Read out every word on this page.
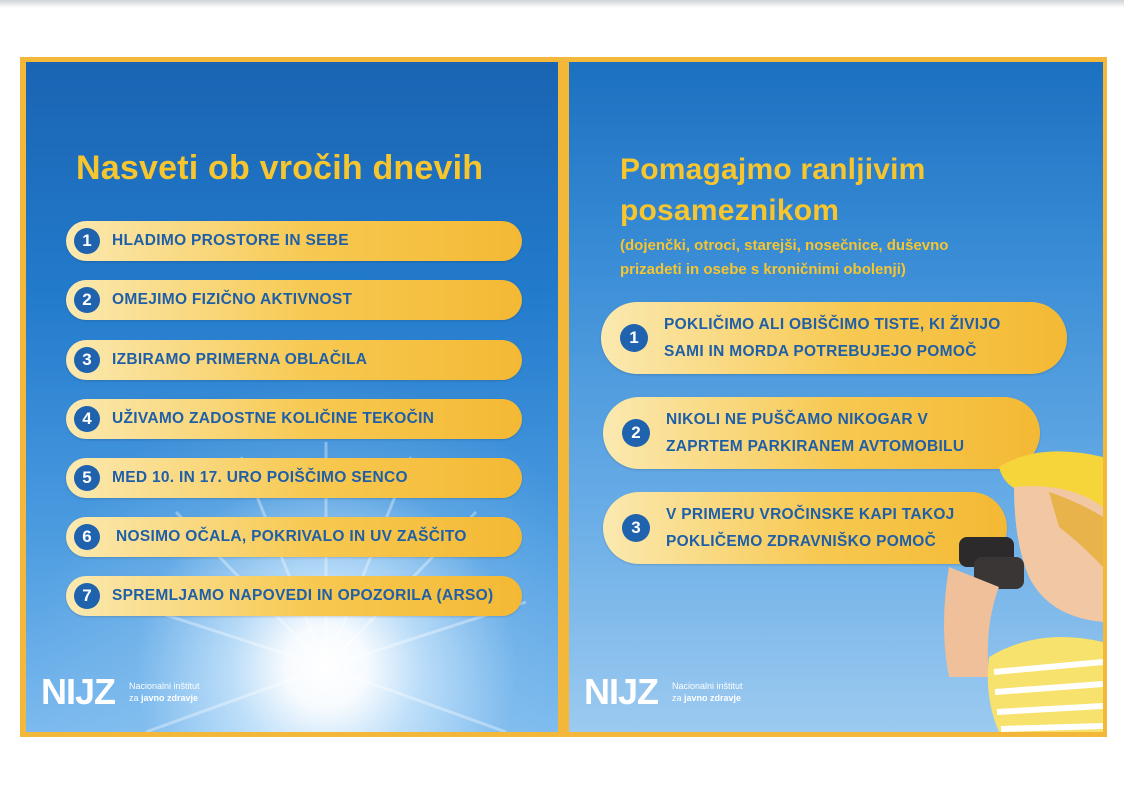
Nasveti ob vročih dnevih
1	HLADIMO PROSTORE IN SEBE
2	OMEJIMO FIZIČNO AKTIVNOST
3	IZBIRAMO PRIMERNA OBLAČILA
4	UŽIVAMO ZADOSTNE KOLIČINE TEKOČIN
5	MED 10. IN 17. URO POIŠČIMO SENCO
6	NOSIMO OČALA, POKRIVALO IN UV ZAŠČITO
7	SPREMLJAMO NAPOVEDI IN OPOZORILA (ARSO)
NIJZ Nacionalni inštitut
za javno zdravje
Pomagajmo ranljivim
posameznikom

(dojenčki, otroci, starejši, nosečnice, duševno
prizadeti in osebe s kroničnimi obolenji)

1
POKLIČIMO ALI OBIŠČIMO TISTE, KI ŽIVIJO
SAMI IN MORDA POTREBUJEJO POMOČ
2
NIKOLI NE PUŠČAMO NIKOGAR V
ZAPRTEM PARKIRANEM AVTOMOBILU
3
V PRIMERU VROČINSKE KAPI TAKOJ
POKLIČEMO ZDRAVNIŠKO POMOČ
NIJZ Nacionalni inštitut
za javno zdravje
